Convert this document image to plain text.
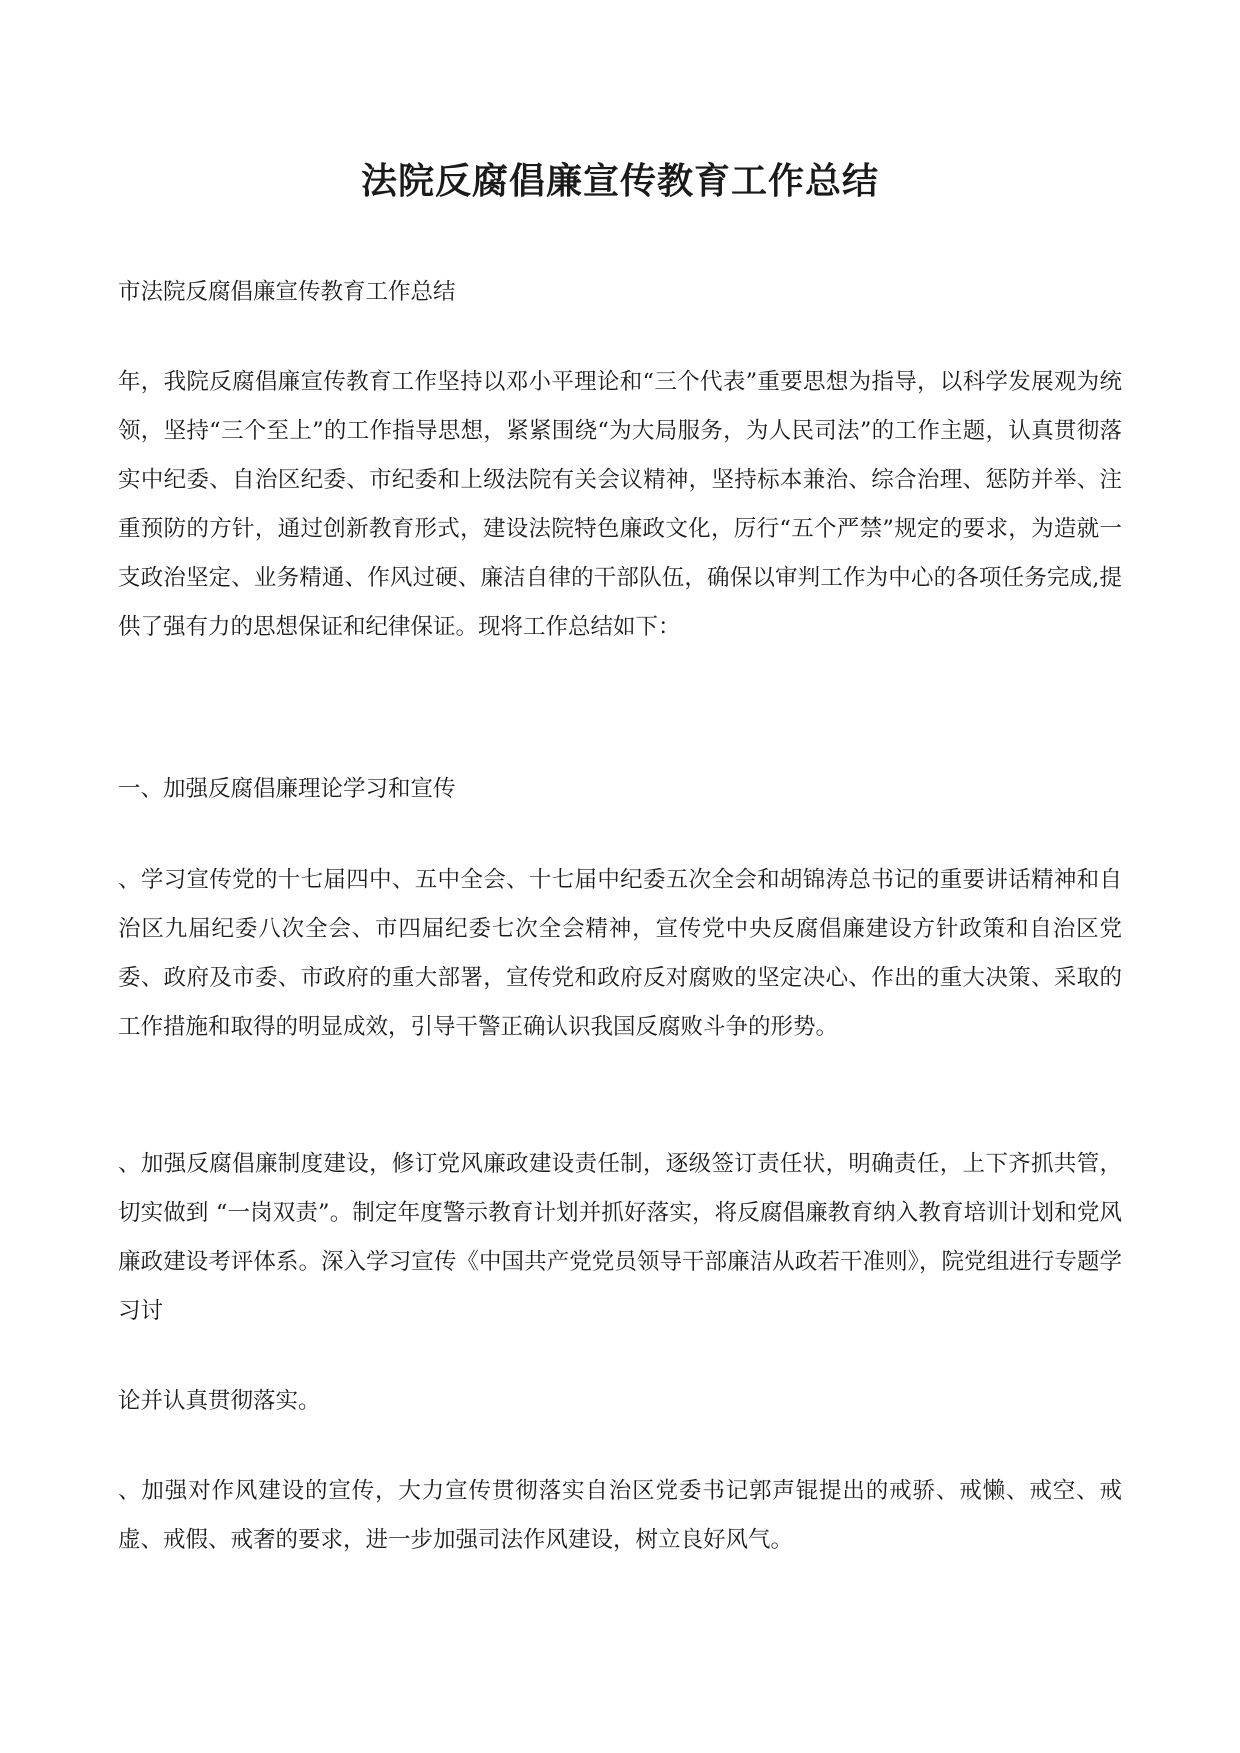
法院反腐倡廉宣传教育工作总结

市法院反腐倡廉宣传教育工作总结

年，我院反腐倡廉宣传教育工作坚持以邓小平理论和“三个代表”重要思想为指导，以科学发展观为统领，坚持“三个至上”的工作指导思想，紧紧围绕“为大局服务，为人民司法”的工作主题，认真贯彻落实中纪委、自治区纪委、市纪委和上级法院有关会议精神，坚持标本兼治、综合治理、惩防并举、注重预防的方针，通过创新教育形式，建设法院特色廉政文化，厉行“五个严禁”规定的要求，为造就一支政治坚定、业务精通、作风过硬、廉洁自律的干部队伍，确保以审判工作为中心的各项任务完成,提供了强有力的思想保证和纪律保证。现将工作总结如下：

一、加强反腐倡廉理论学习和宣传

、学习宣传党的十七届四中、五中全会、十七届中纪委五次全会和胡锦涛总书记的重要讲话精神和自治区九届纪委八次全会、市四届纪委七次全会精神，宣传党中央反腐倡廉建设方针政策和自治区党委、政府及市委、市政府的重大部署，宣传党和政府反对腐败的坚定决心、作出的重大决策、采取的工作措施和取得的明显成效，引导干警正确认识我国反腐败斗争的形势。

、加强反腐倡廉制度建设，修订党风廉政建设责任制，逐级签订责任状，明确责任，上下齐抓共管，切实做到 “一岗双责”。制定年度警示教育计划并抓好落实，将反腐倡廉教育纳入教育培训计划和党风廉政建设考评体系。深入学习宣传《中国共产党党员领导干部廉洁从政若干准则》，院党组进行专题学习讨

论并认真贯彻落实。

、加强对作风建设的宣传，大力宣传贯彻落实自治区党委书记郭声锟提出的戒骄、戒懒、戒空、戒虚、戒假、戒奢的要求，进一步加强司法作风建设，树立良好风气。
